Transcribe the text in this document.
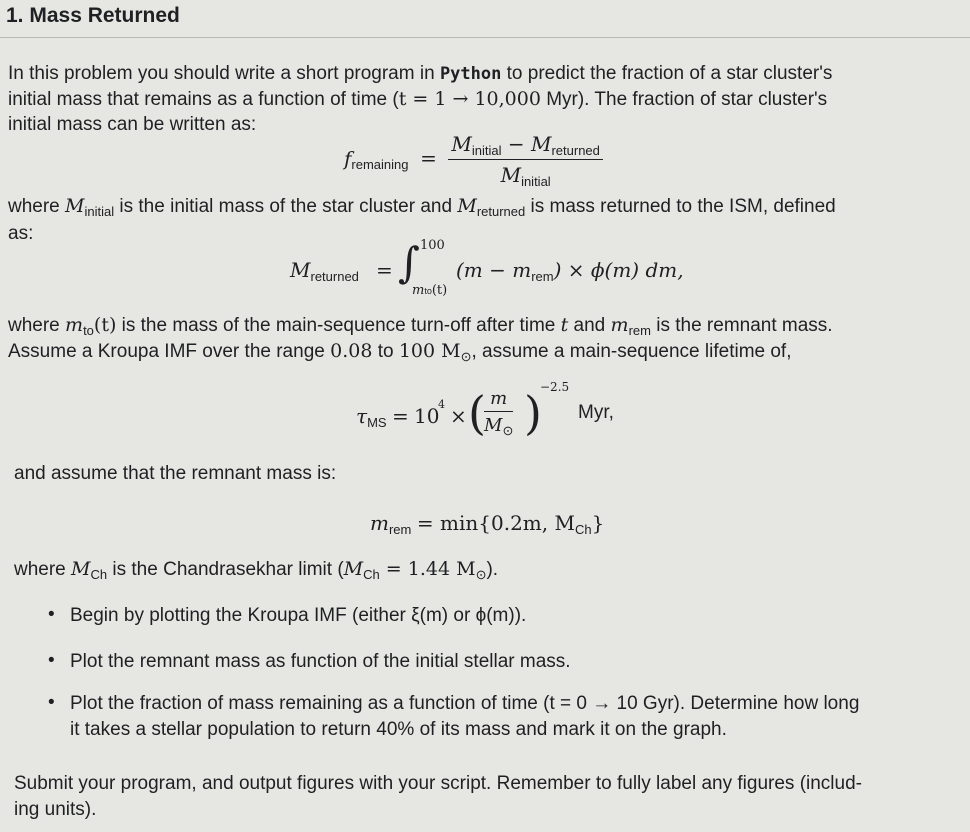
1. Mass Returned
In this problem you should write a short program in Python to predict the fraction of a star cluster's
initial mass that remains as a function of time (t = 1 → 10,000 Myr). The fraction of star cluster's
initial mass can be written as:
$f_{remaining} = \frac{M_{initial} - M_{returned}}{M_{initial}}$
where $M_{initial}$ is the initial mass of the star cluster and $M_{returned}$ is mass returned to the ISM, defined
as:
$M_{returned}$ = ∫ 100
mto(t)
$(m - m_{rem}) \times \phi(m)$ dm,
where $m_{to}(t)$ is the mass of the main-sequence turn-off after time t and $m_{rem}$ is the remnant mass.
Assume a Kroupa IMF over the range 0.08 to 100 $M_⊙$, assume a main-sequence lifetime of,
$\tau_{MS} = 10$
4 × (
$\frac{m}{M_⊙}$ )
−2.5
Myr,
and assume that the remnant mass is:
$m_{rem} = \min\{0.2m$, $M_{Ch}$}
where $M_{Ch}$ is the Chandrasekhar limit ($M_{Ch} = 1.44$ $M_⊙$).
• Begin by plotting the Kroupa IMF (either ξ(m) or ϕ(m)).
• Plot the remnant mass as function of the initial stellar mass.
• Plot the fraction of mass remaining as a function of time (t = 0 → 10 Gyr). Determine how long
it takes a stellar population to return 40% of its mass and mark it on the graph.
Submit your program, and output figures with your script. Remember to fully label any figures (includ-
ing units).
